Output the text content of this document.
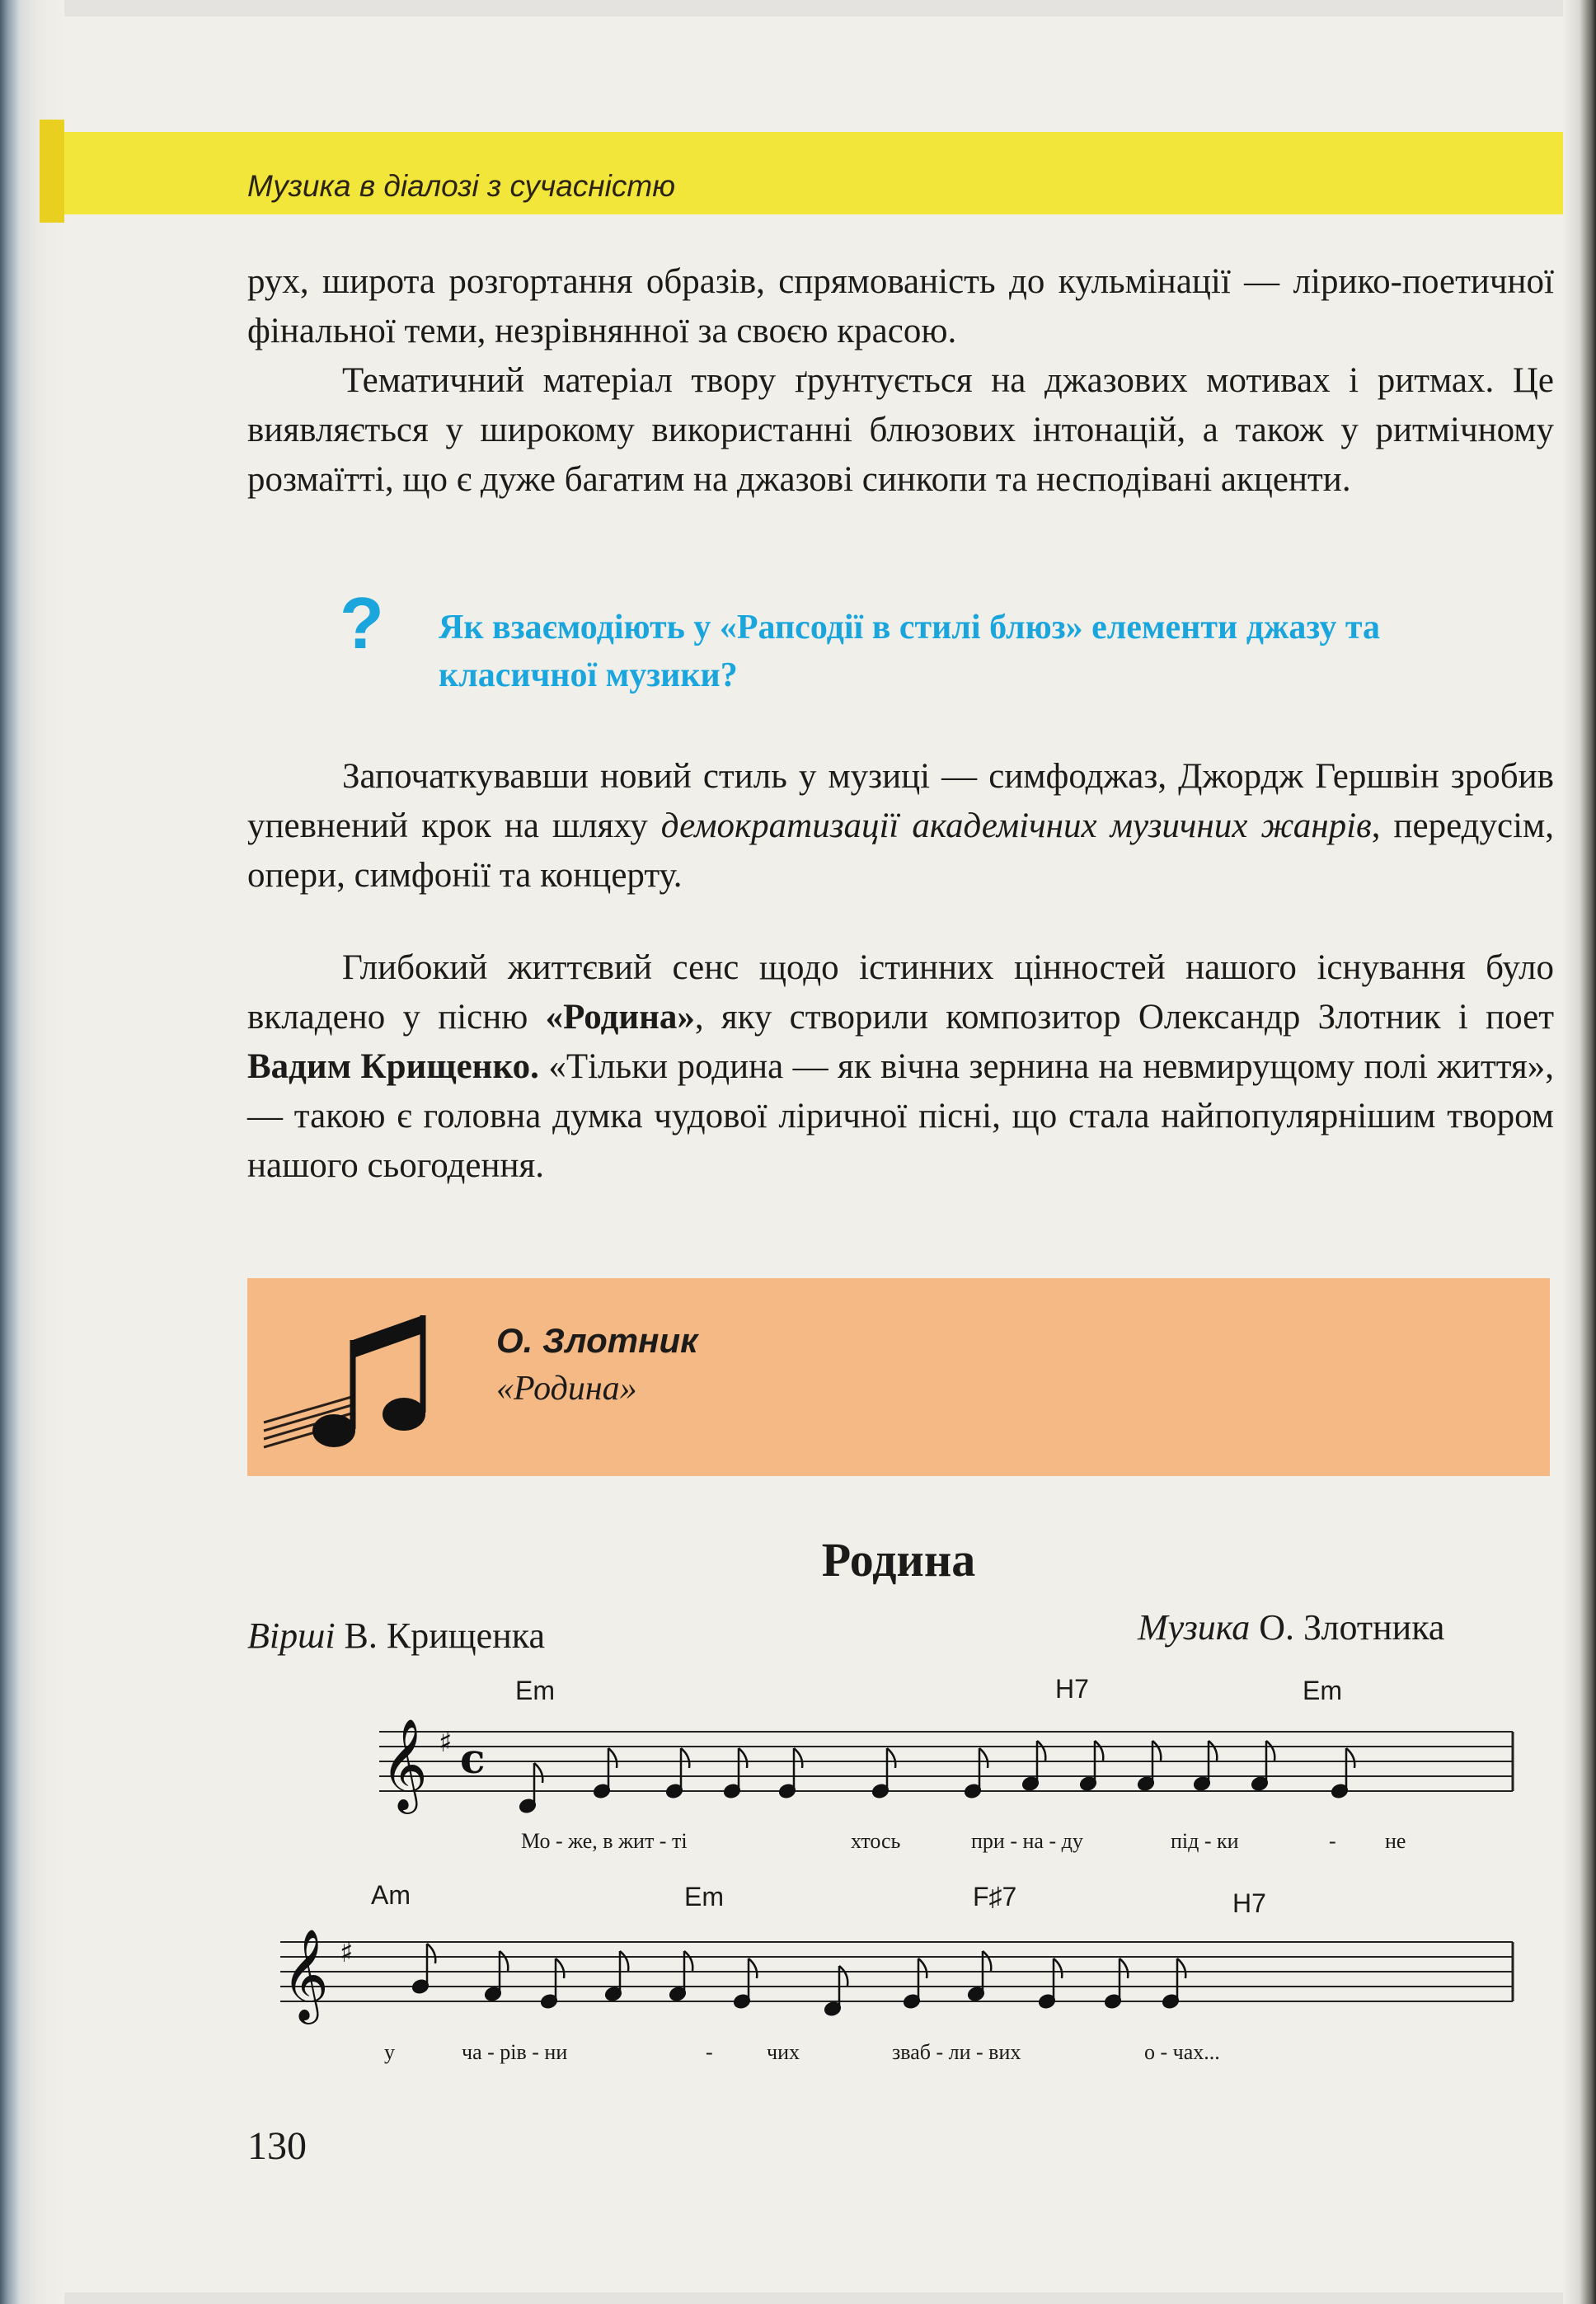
Музика в діалозі з сучасністю
рух, широта розгортання образів, спрямованість до кульмінації — лірико-поетичної фінальної теми, незрівнянної за своєю красою.
Тематичний матеріал твору ґрунтується на джазових мотивах і ритмах. Це виявляється у широкому використанні блюзових інтонацій, а також у ритмічному розмаїтті, що є дуже багатим на джазові синкопи та несподівані акценти.
? Як взаємодіють у «Рапсодії в стилі блюз» елементи джазу та класичної музики?
Започаткувавши новий стиль у музиці — симфоджаз, Джордж Гершвін зробив упевнений крок на шляху демократизації академічних музичних жанрів, передусім, опери, симфонії та концерту.
Глибокий життєвий сенс щодо істинних цінностей нашого існування було вкладено у пісню «Родина», яку створили композитор Олександр Злотник і поет Вадим Крищенко. «Тільки родина — як вічна зернина на невмирущому полі життя», — такою є головна думка чудової ліричної пісні, що стала найпопулярнішим твором нашого сьогодення.
О. Злотник
«Родина»
Родина
Вірші В. Крищенка	Музика О. Злотника
Em	H7	Em
𝄞 ♯ c
Мо - же, в жит - ті	хтось	при - на - ду	під - ки	- не
Am	Em	F♯7	H7
𝄞 ♯
у	ча - рів - ни	-	чих	зваб - ли - вих	о - чах...
130
